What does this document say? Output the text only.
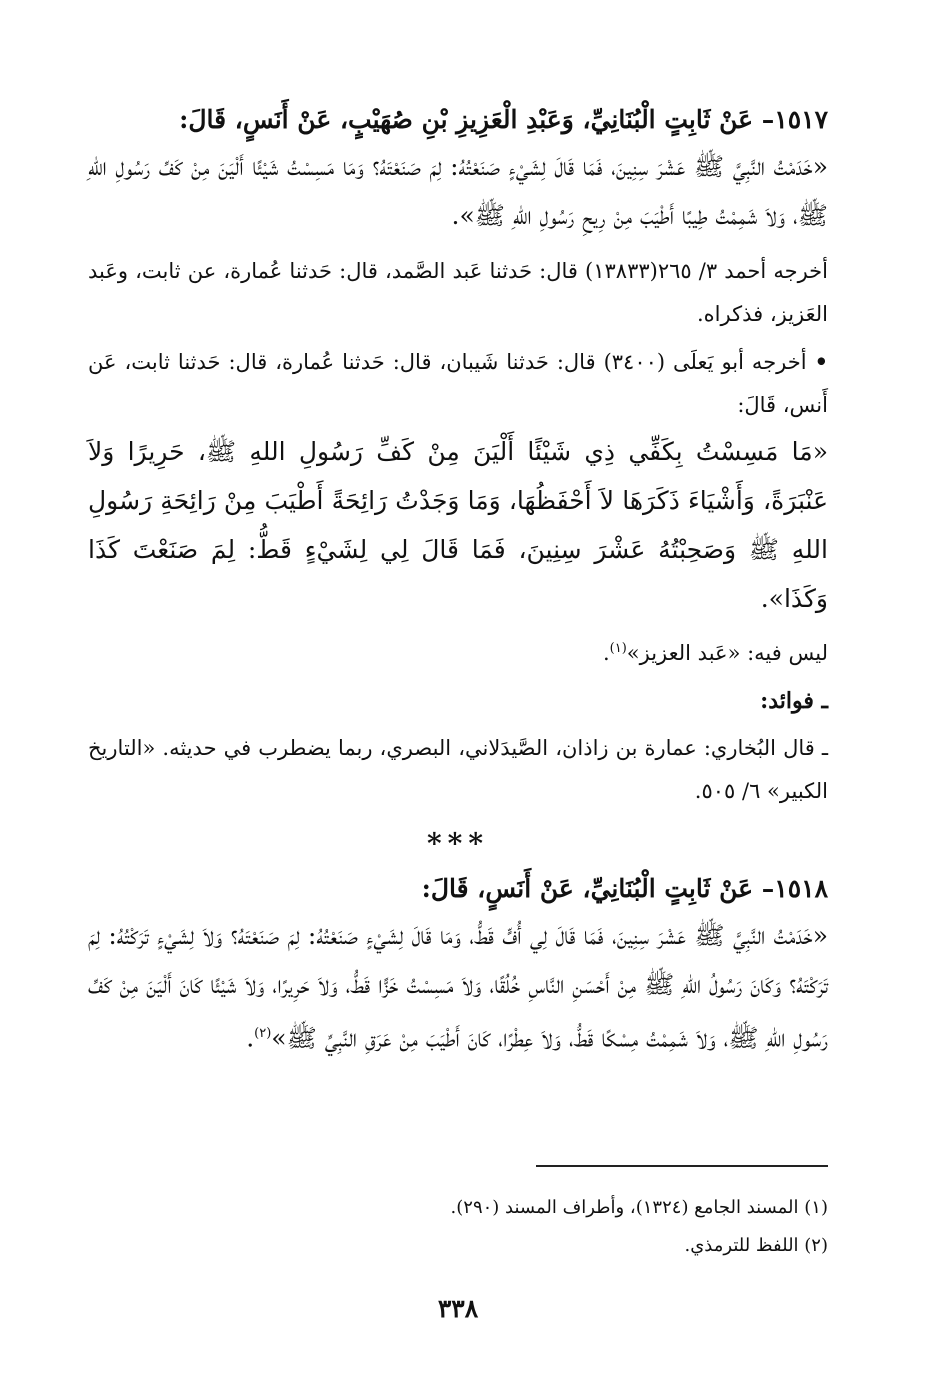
١٥١٧– عَنْ ثَابِتٍ الْبُنَانِيِّ، وَعَبْدِ الْعَزِيزِ بْنِ صُهَيْبٍ، عَنْ أَنَسٍ، قَالَ:

«خَدَمْتُ النَّبِيَّ ﷺ عَشْرَ سِنِينَ، فَمَا قَالَ لِشَيْءٍ صَنَعْتُهُ: لِمَ صَنَعْتَهُ؟ وَمَا مَسِسْتُ شَيْئًا أَلْيَنَ مِنْ كَفِّ رَسُولِ اللهِ ﷺ، وَلاَ شَمِمْتُ طِيبًا أَطْيَبَ مِنْ رِيحِ رَسُولِ اللهِ ﷺ».

أخرجه أحمد ٣/ ٢٦٥(١٣٨٣٣) قال: حَدثنا عَبد الصَّمد، قال: حَدثنا عُمارة، عن ثابت، وعَبد العَزيز، فذكراه.

• أخرجه أبو يَعلَى (٣٤٠٠) قال: حَدثنا شَيبان، قال: حَدثنا عُمارة، قال: حَدثنا ثابت، عَن أَنس، قَالَ:

«مَا مَسِسْتُ بِكَفِّي ذِي شَيْئًا أَلْيَنَ مِنْ كَفِّ رَسُولِ اللهِ ﷺ، حَرِيرًا وَلاَ عَنْبَرَةً، وَأَشْيَاءَ ذَكَرَهَا لاَ أَحْفَظُهَا، وَمَا وَجَدْتُ رَائِحَةً أَطْيَبَ مِنْ رَائِحَةِ رَسُولِ اللهِ ﷺ وَصَحِبْتُهُ عَشْرَ سِنِينَ، فَمَا قَالَ لِي لِشَيْءٍ قَطُّ: لِمَ صَنَعْتَ كَذَا وَكَذَا».

ليس فيه: «عَبد العزيز»$^{(١)}$.

ـ فوائد:

ـ قال البُخاري: عمارة بن زاذان، الصَّيدَلاني، البصري، ربما يضطرب في حديثه. «التاريخ الكبير» ٦/ ٥٠٥.

***

١٥١٨– عَنْ ثَابِتٍ الْبُنَانِيِّ، عَنْ أَنَسٍ، قَالَ:

«خَدَمْتُ النَّبِيَّ ﷺ عَشْرَ سِنِينَ، فَمَا قَالَ لِي أُفٍّ قَطُّ، وَمَا قَالَ لِشَيْءٍ صَنَعْتُهُ: لِمَ صَنَعْتَهُ؟ وَلاَ لِشَيْءٍ تَرَكْتُهُ: لِمَ تَرَكْتَهُ؟ وَكَانَ رَسُولُ اللهِ ﷺ مِنْ أَحْسَنِ النَّاسِ خُلُقًا، وَلاَ مَسِسْتُ خَزًّا قَطُّ، وَلاَ حَرِيرًا، وَلاَ شَيْئًا كَانَ أَلْيَنَ مِنْ كَفِّ رَسُولِ اللهِ ﷺ، وَلاَ شَمِمْتُ مِسْكًا قَطُّ، وَلاَ عِطْرًا، كَانَ أَطْيَبَ مِنْ عَرَقِ النَّبِيِّ ﷺ»$^{(٢)}$.

(١) المسند الجامع (١٣٢٤)، وأطراف المسند (٢٩٠).

(٢) اللفظ للترمذي.

٣٣٨
